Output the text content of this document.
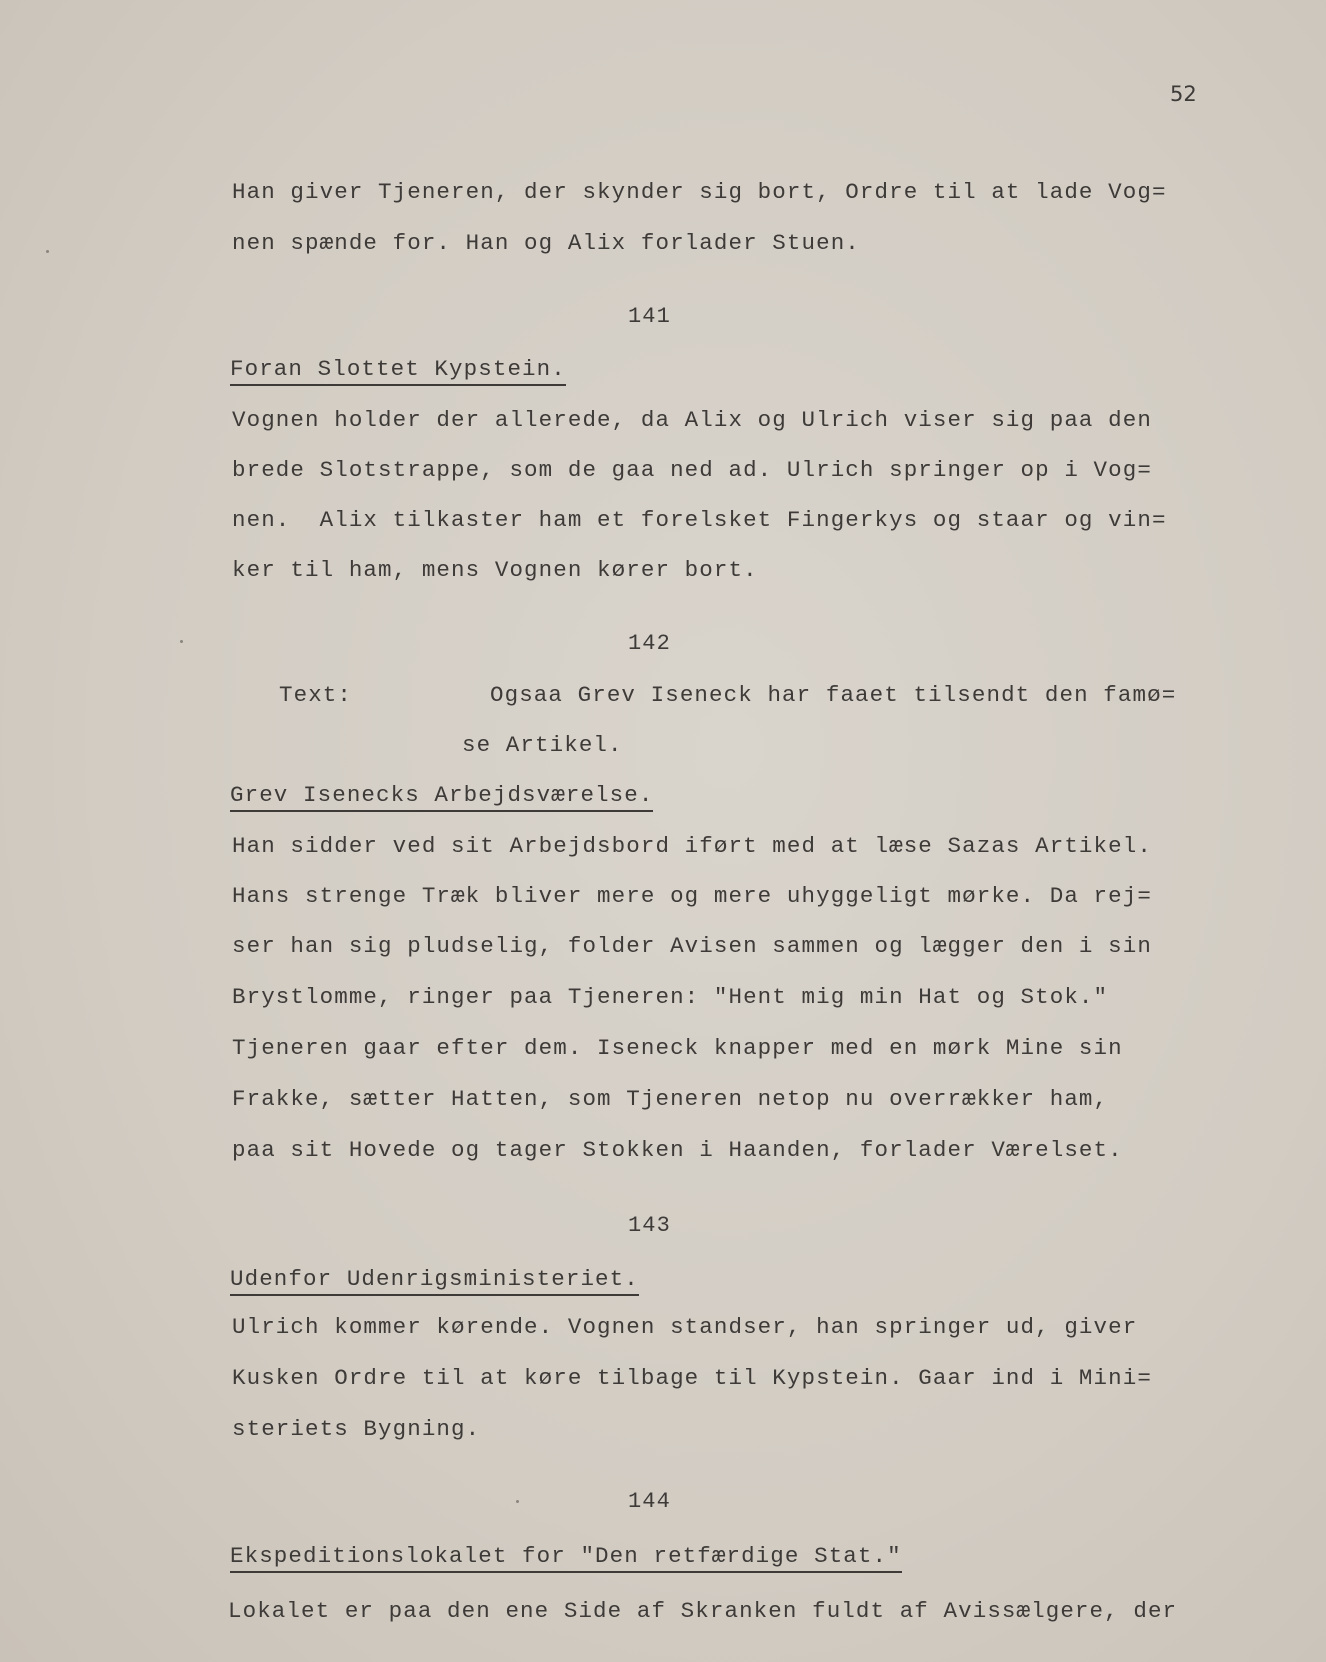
52
Han giver Tjeneren, der skynder sig bort, Ordre til at lade Vog=
nen spænde for. Han og Alix forlader Stuen.
141
Foran Slottet Kypstein.
Vognen holder der allerede, da Alix og Ulrich viser sig paa den
brede Slotstrappe, som de gaa ned ad. Ulrich springer op i Vog=
nen.  Alix tilkaster ham et forelsket Fingerkys og staar og vin=
ker til ham, mens Vognen kører bort.
142
Text:	Ogsaa Grev Iseneck har faaet tilsendt den famø=
se Artikel.
Grev Isenecks Arbejdsværelse.
Han sidder ved sit Arbejdsbord iført med at læse Sazas Artikel.
Hans strenge Træk bliver mere og mere uhyggeligt mørke. Da rej=
ser han sig pludselig, folder Avisen sammen og lægger den i sin
Brystlomme, ringer paa Tjeneren: "Hent mig min Hat og Stok."
Tjeneren gaar efter dem. Iseneck knapper med en mørk Mine sin
Frakke, sætter Hatten, som Tjeneren netop nu overrækker ham,
paa sit Hovede og tager Stokken i Haanden, forlader Værelset.
143
Udenfor Udenrigsministeriet.
Ulrich kommer kørende. Vognen standser, han springer ud, giver
Kusken Ordre til at køre tilbage til Kypstein. Gaar ind i Mini=
steriets Bygning.
144
Ekspeditionslokalet for "Den retfærdige Stat."
Lokalet er paa den ene Side af Skranken fuldt af Avissælgere, der
